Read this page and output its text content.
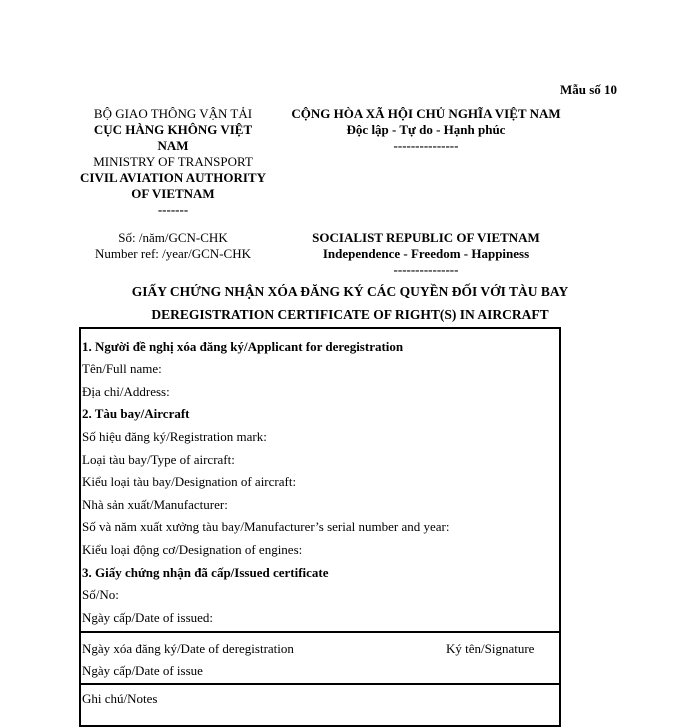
Mẫu số 10
BỘ GIAO THÔNG VẬN TẢI
CỤC HÀNG KHÔNG VIỆT NAM
MINISTRY OF TRANSPORT
CIVIL AVIATION AUTHORITY OF VIETNAM
-------
CỘNG HÒA XÃ HỘI CHỦ NGHĨA VIỆT NAM
Độc lập - Tự do - Hạnh phúc
---------------
Số: /năm/GCN-CHK
Number ref: /year/GCN-CHK
SOCIALIST REPUBLIC OF VIETNAM
Independence - Freedom - Happiness
---------------
GIẤY CHỨNG NHẬN XÓA ĐĂNG KÝ CÁC QUYỀN ĐỐI VỚI TÀU BAY
DEREGISTRATION CERTIFICATE OF RIGHT(S) IN AIRCRAFT
1. Người đề nghị xóa đăng ký/Applicant for deregistration
Tên/Full name:
Địa chỉ/Address:
2. Tàu bay/Aircraft
Số hiệu đăng ký/Registration mark:
Loại tàu bay/Type of aircraft:
Kiểu loại tàu bay/Designation of aircraft:
Nhà sản xuất/Manufacturer:
Số và năm xuất xưởng tàu bay/Manufacturer’s serial number and year:
Kiểu loại động cơ/Designation of engines:
3. Giấy chứng nhận đã cấp/Issued certificate
Số/No:
Ngày cấp/Date of issued:
Ngày xóa đăng ký/Date of deregistration	Ký tên/Signature
Ngày cấp/Date of issue
Ghi chú/Notes
